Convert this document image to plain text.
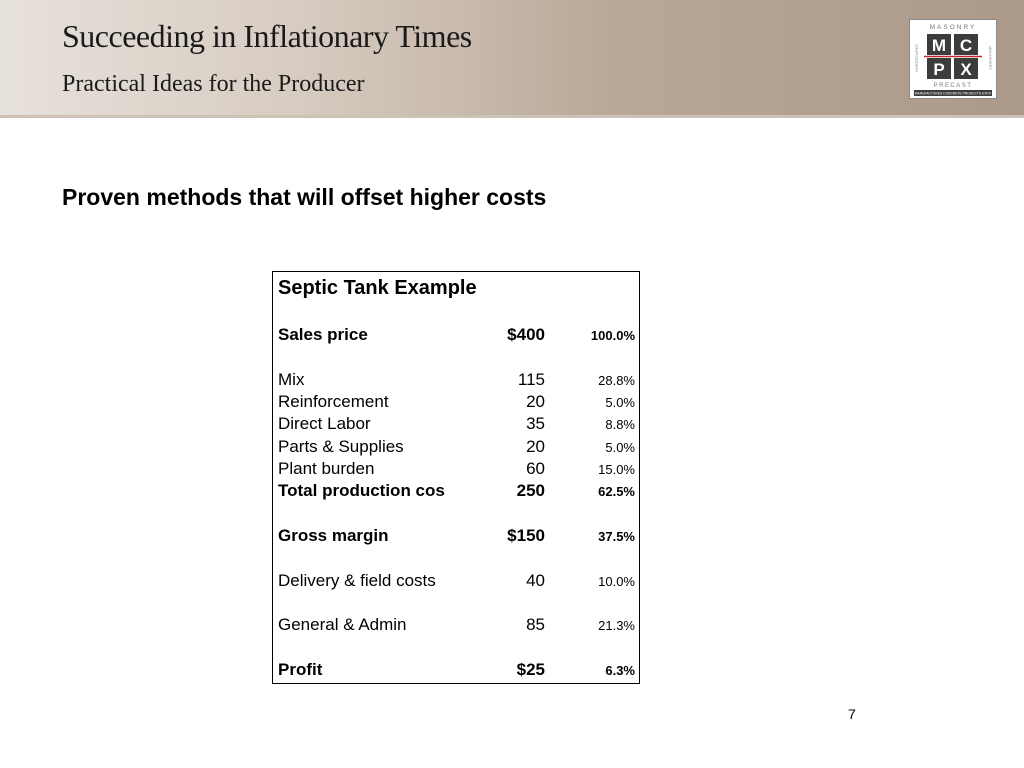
Succeeding in Inflationary Times
Practical Ideas for the Producer
MASONRY
HARDSCAPES	MACHINERY
M C
P X
PRECAST
MANUFACTURED CONCRETE PRODUCTS EXPO
Proven methods that will offset higher costs
Septic Tank Example
Sales price	$400	100.0%
Mix	115	28.8%
Reinforcement	20	5.0%
Direct Labor	35	8.8%
Parts & Supplies	20	5.0%
Plant burden	60	15.0%
Total production cos	250	62.5%
Gross margin	$150	37.5%
Delivery & field costs	40	10.0%
General & Admin	85	21.3%
Profit	$25	6.3%
7
